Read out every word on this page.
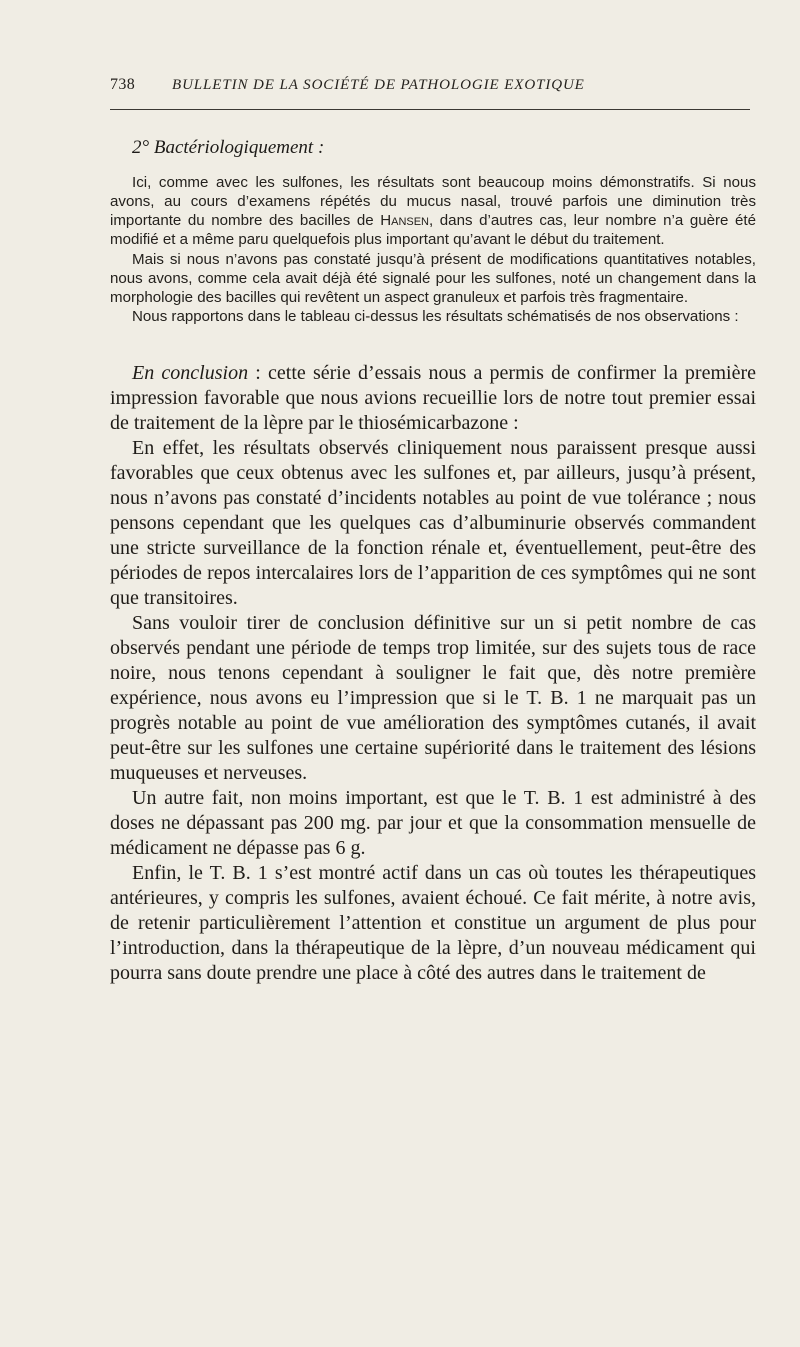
738	BULLETIN DE LA SOCIÉTÉ DE PATHOLOGIE EXOTIQUE
2° Bactériologiquement :

Ici, comme avec les sulfones, les résultats sont beaucoup moins démonstratifs. Si nous avons, au cours d’examens répétés du mucus nasal, trouvé parfois une diminution très importante du nombre des bacilles de Hansen, dans d’autres cas, leur nombre n’a guère été modifié et a même paru quelquefois plus important qu’avant le début du traitement.

Mais si nous n’avons pas constaté jusqu’à présent de modifications quantitatives notables, nous avons, comme cela avait déjà été signalé pour les sulfones, noté un changement dans la morphologie des bacilles qui revêtent un aspect granuleux et parfois très fragmentaire.

Nous rapportons dans le tableau ci-dessus les résultats schématisés de nos observations :

En conclusion : cette série d’essais nous a permis de confirmer la première impression favorable que nous avions recueillie lors de notre tout premier essai de traitement de la lèpre par le thiosémicarbazone :

En effet, les résultats observés cliniquement nous paraissent presque aussi favorables que ceux obtenus avec les sulfones et, par ailleurs, jusqu’à présent, nous n’avons pas constaté d’incidents notables au point de vue tolérance ; nous pensons cependant que les quelques cas d’albuminurie observés commandent une stricte surveillance de la fonction rénale et, éventuellement, peut-être des périodes de repos intercalaires lors de l’apparition de ces symptômes qui ne sont que transitoires.

Sans vouloir tirer de conclusion définitive sur un si petit nombre de cas observés pendant une période de temps trop limitée, sur des sujets tous de race noire, nous tenons cependant à souligner le fait que, dès notre première expérience, nous avons eu l’impression que si le T. B. 1 ne marquait pas un progrès notable au point de vue amélioration des symptômes cutanés, il avait peut-être sur les sulfones une certaine supériorité dans le traitement des lésions muqueuses et nerveuses.

Un autre fait, non moins important, est que le T. B. 1 est administré à des doses ne dépassant pas 200 mg. par jour et que la consommation mensuelle de médicament ne dépasse pas 6 g.

Enfin, le T. B. 1 s’est montré actif dans un cas où toutes les thérapeutiques antérieures, y compris les sulfones, avaient échoué. Ce fait mérite, à notre avis, de retenir particulièrement l’attention et constitue un argument de plus pour l’introduction, dans la thérapeutique de la lèpre, d’un nouveau médicament qui pourra sans doute prendre une place à côté des autres dans le traitement de
